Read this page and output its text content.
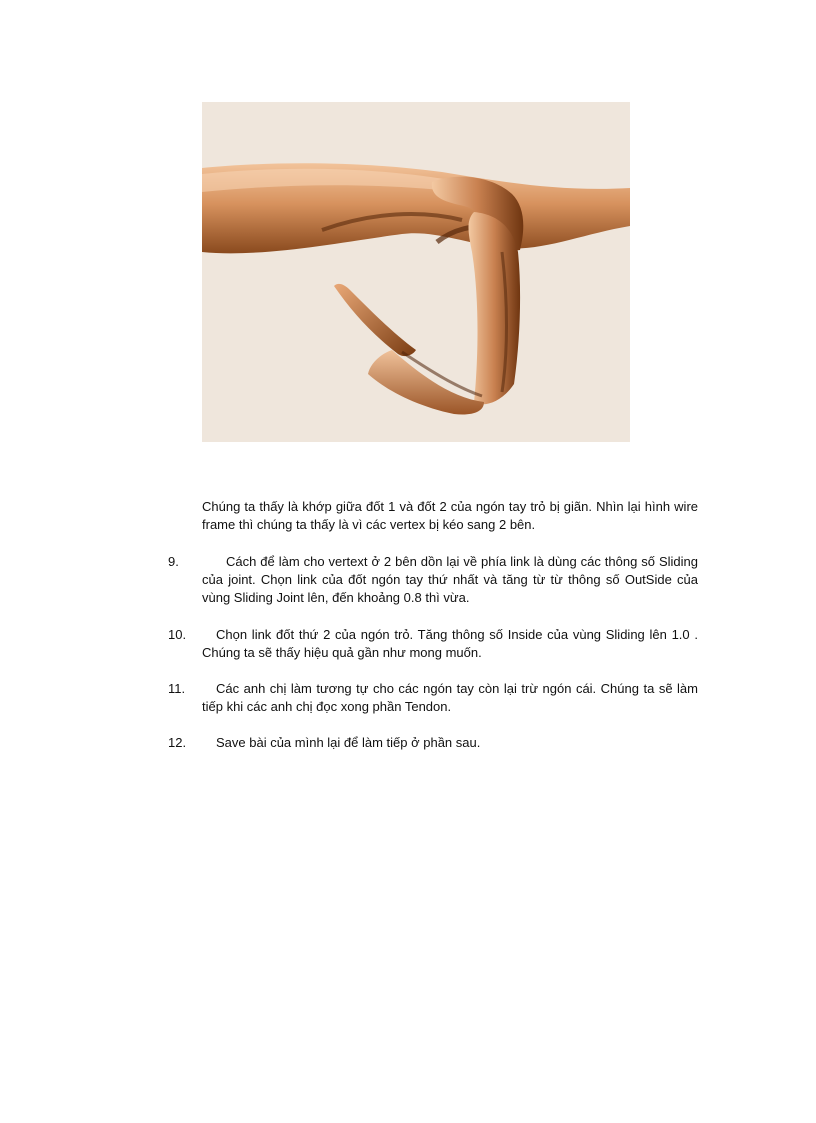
Chúng ta thấy là khớp giữa đốt 1 và đốt 2 của ngón tay trỏ bị giãn. Nhìn lại hình wire frame thì chúng ta thấy là vì các vertex bị kéo sang 2 bên.
9.	Cách để làm cho vertext ở 2 bên dồn lại về phía link là dùng các thông số Sliding của joint. Chọn link của đốt ngón tay thứ nhất và tăng từ từ thông số OutSide của vùng Sliding Joint lên, đến khoảng 0.8 thì vừa.
10.	Chọn link đốt thứ 2 của ngón trỏ. Tăng thông số Inside của vùng Sliding lên 1.0 . Chúng ta sẽ thấy hiệu quả gần như mong muốn.
11.	Các anh chị làm tương tự cho các ngón tay còn lại trừ ngón cái. Chúng ta sẽ làm tiếp khi các anh chị đọc xong phần Tendon.
12.	Save bài của mình lại để làm tiếp ở phần sau.
